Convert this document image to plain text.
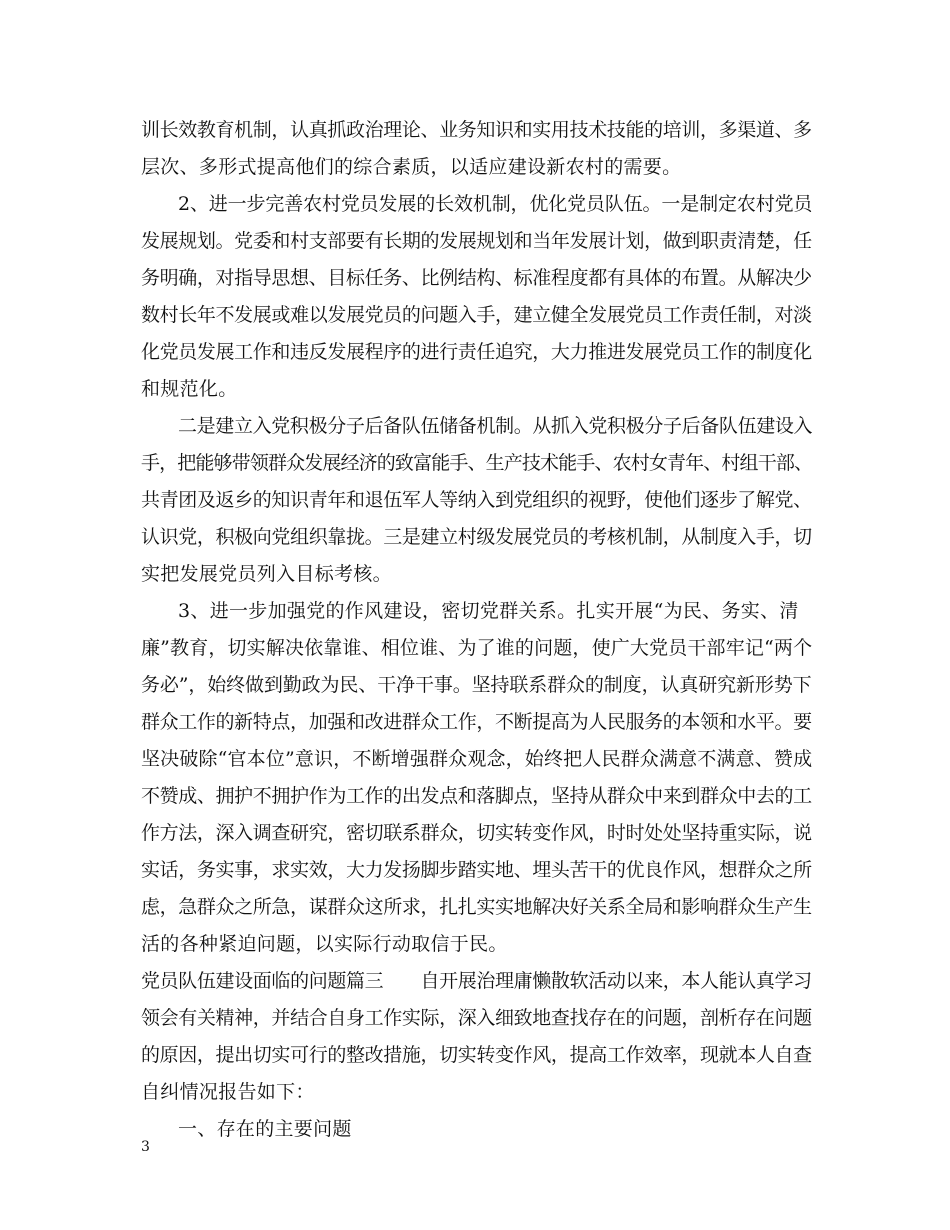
训长效教育机制，认真抓政治理论、业务知识和实用技术技能的培训，多渠道、多
层次、多形式提高他们的综合素质，以适应建设新农村的需要。
2、进一步完善农村党员发展的长效机制，优化党员队伍。一是制定农村党员
发展规划。党委和村支部要有长期的发展规划和当年发展计划，做到职责清楚，任
务明确，对指导思想、目标任务、比例结构、标准程度都有具体的布置。从解决少
数村长年不发展或难以发展党员的问题入手，建立健全发展党员工作责任制，对淡
化党员发展工作和违反发展程序的进行责任追究，大力推进发展党员工作的制度化
和规范化。
二是建立入党积极分子后备队伍储备机制。从抓入党积极分子后备队伍建设入
手，把能够带领群众发展经济的致富能手、生产技术能手、农村女青年、村组干部、
共青团及返乡的知识青年和退伍军人等纳入到党组织的视野，使他们逐步了解党、
认识党，积极向党组织靠拢。三是建立村级发展党员的考核机制，从制度入手，切
实把发展党员列入目标考核。
3、进一步加强党的作风建设，密切党群关系。扎实开展“为民、务实、清
廉”教育，切实解决依靠谁、相位谁、为了谁的问题，使广大党员干部牢记“两个
务必”，始终做到勤政为民、干净干事。坚持联系群众的制度，认真研究新形势下
群众工作的新特点，加强和改进群众工作，不断提高为人民服务的本领和水平。要
坚决破除“官本位”意识，不断增强群众观念，始终把人民群众满意不满意、赞成
不赞成、拥护不拥护作为工作的出发点和落脚点，坚持从群众中来到群众中去的工
作方法，深入调查研究，密切联系群众，切实转变作风，时时处处坚持重实际，说
实话，务实事，求实效，大力发扬脚步踏实地、埋头苦干的优良作风，想群众之所
虑，急群众之所急，谋群众这所求，扎扎实实地解决好关系全局和影响群众生产生
活的各种紧迫问题，以实际行动取信于民。
党员队伍建设面临的问题篇三　　自开展治理庸懒散软活动以来，本人能认真学习
领会有关精神，并结合自身工作实际，深入细致地查找存在的问题，剖析存在问题
的原因，提出切实可行的整改措施，切实转变作风，提高工作效率，现就本人自查
自纠情况报告如下：
一、存在的主要问题
3
